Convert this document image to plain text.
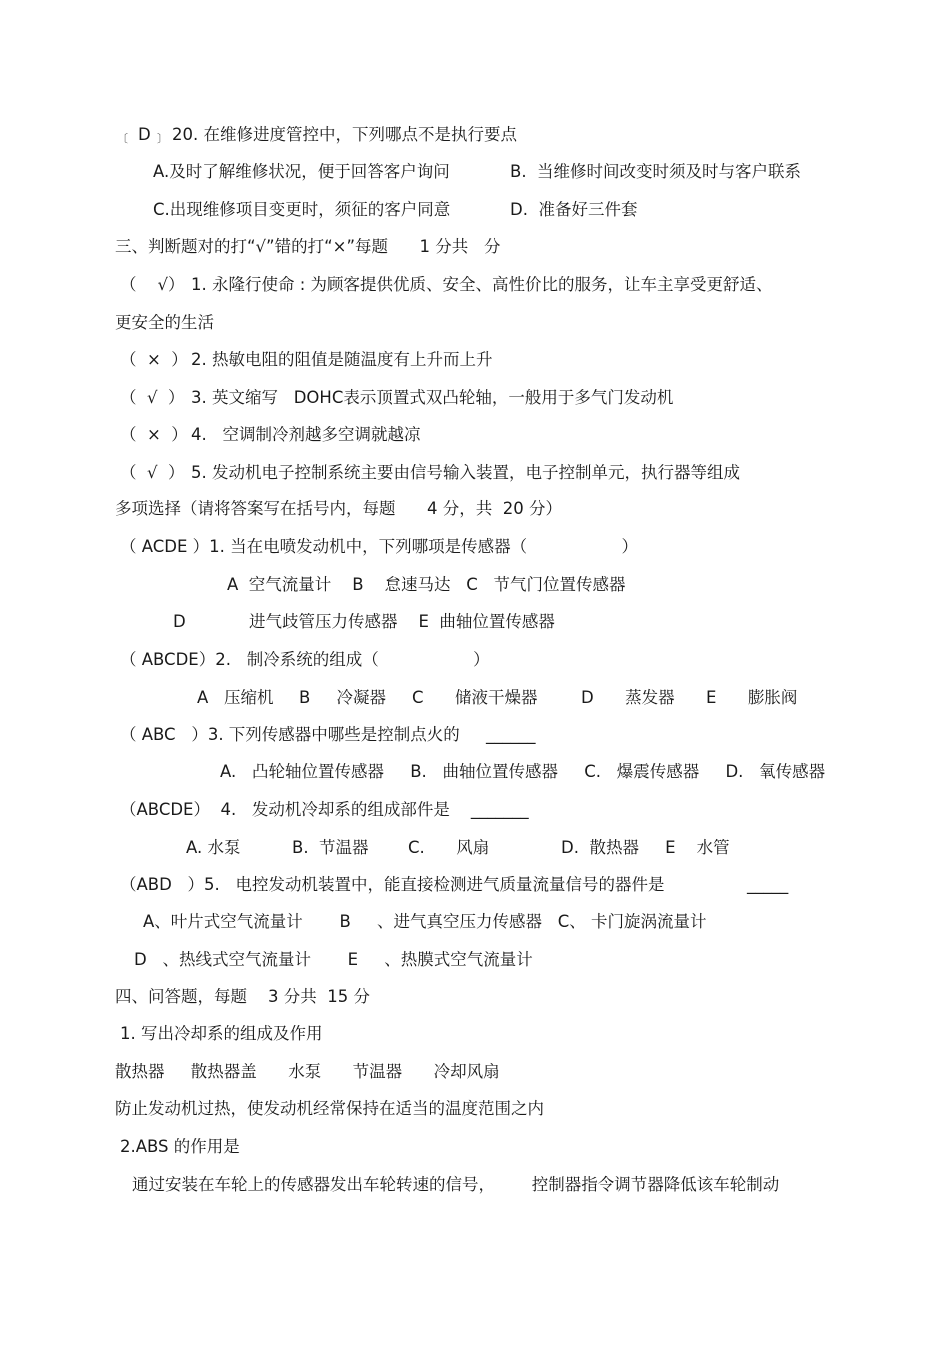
〔 D 〕 20. 在维修进度管控中，下列哪点不是执行要点
A.及时了解维修状况，便于回答客户询问	B.  当维修时间改变时须及时与客户联系
C.出现维修项目变更时，须征的客户同意	D.  准备好三件套
三、判断题对的打“√”错的打“×”每题      1 分共   分
（    √） 1. 永隆行使命 : 为顾客提供优质、安全、高性价比的服务，让车主享受更舒适、
更安全的生活
（  ×  ） 2. 热敏电阻的阻值是随温度有上升而上升
（  √  ） 3. 英文缩写   DOHC表示顶置式双凸轮轴，一般用于多气门发动机
（  ×  ） 4.   空调制冷剂越多空调就越凉
（  √  ） 5. 发动机电子控制系统主要由信号输入装置，电子控制单元，执行器等组成
多项选择（请将答案写在括号内，每题      4 分，共  20 分）
（ ACDE ）1. 当在电喷发动机中，下列哪项是传感器（                  ）
A  空气流量计    B    怠速马达   C   节气门位置传感器
D	进气歧管压力传感器    E  曲轴位置传感器
（ ABCDE）2.   制冷系统的组成（                  ）
A   压缩机 B     冷凝器 C      储液干燥器	D      蒸发器 E      膨胀阀
（ ABC   ）3. 下列传感器中哪些是控制点火的     ______
A.   凸轮轴位置传感器     B.   曲轴位置传感器     C.   爆震传感器     D.   氧传感器
（ABCDE）  4.   发动机冷却系的组成部件是    _______
A. 水泵	B.  节温器 C.      风扇	D.  散热器     E    水管
（ABD   ）5.   电控发动机装置中，能直接检测进气质量流量信号的器件是	_____
A、叶片式空气流量计       B     、进气真空压力传感器   C、 卡门旋涡流量计
D   、热线式空气流量计       E     、热膜式空气流量计
四、问答题，每题    3 分共  15 分
1. 写出冷却系的组成及作用
散热器     散热器盖      水泵      节温器      冷却风扇
防止发动机过热，使发动机经常保持在适当的温度范围之内
2.ABS 的作用是
通过安装在车轮上的传感器发出车轮转速的信号，       控制器指令调节器降低该车轮制动
